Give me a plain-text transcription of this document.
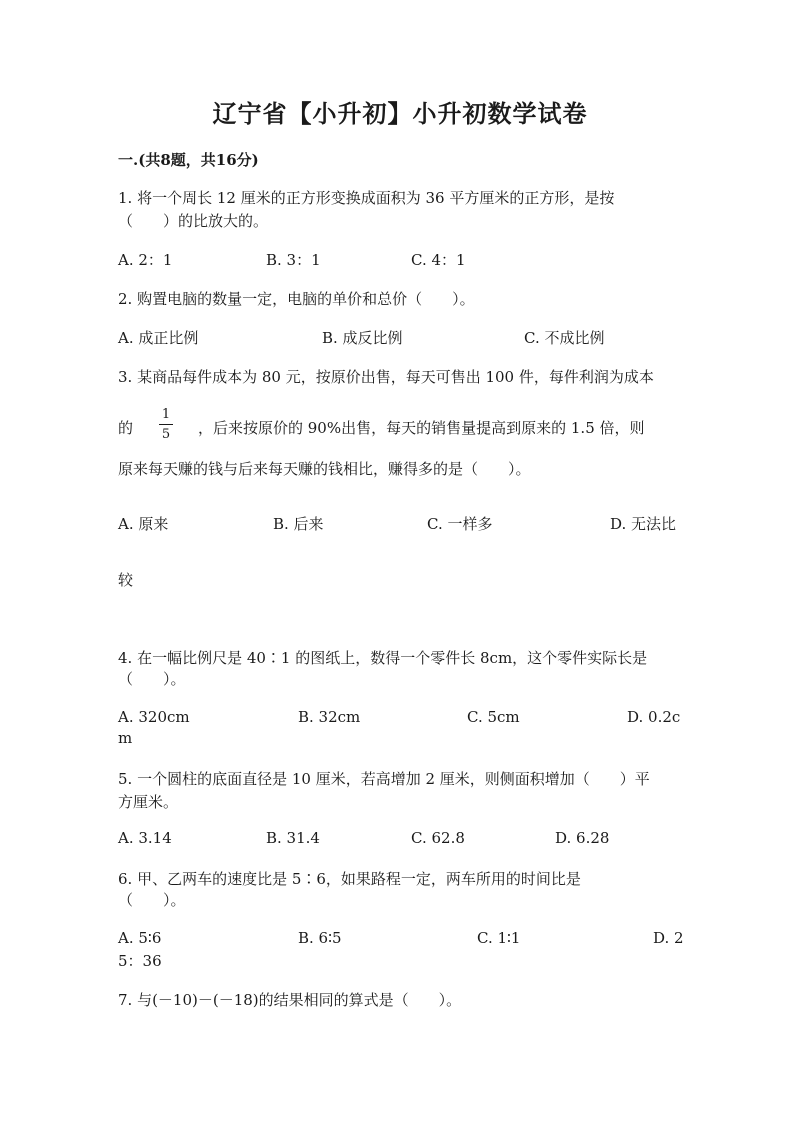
辽宁省【小升初】小升初数学试卷
一.(共8题，共16分)
1. 将一个周长 12 厘米的正方形变换成面积为 36 平方厘米的正方形，是按
（　　）的比放大的。
A. 2：1	B. 3：1	C. 4：1
2. 购置电脑的数量一定，电脑的单价和总价（　　）。
A. 成正比例	B. 成反比例	C. 不成比例
3. 某商品每件成本为 80 元，按原价出售，每天可售出 100 件，每件利润为成本
的
1
5 ，后来按原价的 90%出售，每天的销售量提高到原来的 1.5 倍，则
原来每天赚的钱与后来每天赚的钱相比，赚得多的是（　　）。
A. 原来	B. 后来	C. 一样多	D. 无法比
较
4. 在一幅比例尺是 40∶1 的图纸上，数得一个零件长 8cm，这个零件实际长是
（　　）。
A. 320cm	B. 32cm	C. 5cm	D. 0.2c
m
5. 一个圆柱的底面直径是 10 厘米，若高增加 2 厘米，则侧面积增加（　　）平
方厘米。
A. 3.14	B. 31.4	C. 62.8	D. 6.28
6. 甲、乙两车的速度比是 5∶6，如果路程一定，两车所用的时间比是
（　　）。
A. 5∶6	B. 6∶5	C. 1∶1	D. 2
5：36
7. 与(－10)－(－18)的结果相同的算式是（　　）。
